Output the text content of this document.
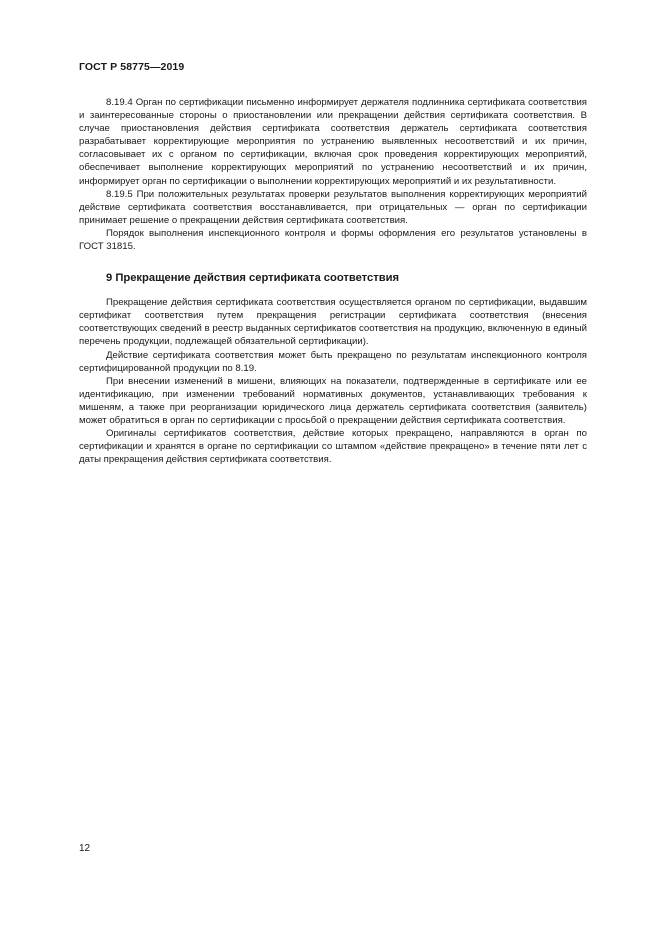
ГОСТ Р 58775—2019

8.19.4 Орган по сертификации письменно информирует держателя подлинника сертификата соответствия и заинтересованные стороны о приостановлении или прекращении действия сертификата соответствия. В случае приостановления действия сертификата соответствия держатель сертификата соответствия разрабатывает корректирующие мероприятия по устранению выявленных несоответствий и их причин, согласовывает их с органом по сертификации, включая срок проведения корректирующих мероприятий, обеспечивает выполнение корректирующих мероприятий по устранению несоответствий и их причин, информирует орган по сертификации о выполнении корректирующих мероприятий и их результативности.

8.19.5 При положительных результатах проверки результатов выполнения корректирующих мероприятий действие сертификата соответствия восстанавливается, при отрицательных — орган по сертификации принимает решение о прекращении действия сертификата соответствия.

Порядок выполнения инспекционного контроля и формы оформления его результатов установлены в ГОСТ 31815.

9 Прекращение действия сертификата соответствия

Прекращение действия сертификата соответствия осуществляется органом по сертификации, выдавшим сертификат соответствия путем прекращения регистрации сертификата соответствия (внесения соответствующих сведений в реестр выданных сертификатов соответствия на продукцию, включенную в единый перечень продукции, подлежащей обязательной сертификации).

Действие сертификата соответствия может быть прекращено по результатам инспекционного контроля сертифицированной продукции по 8.19.

При внесении изменений в мишени, влияющих на показатели, подтвержденные в сертификате или ее идентификацию, при изменении требований нормативных документов, устанавливающих требования к мишеням, а также при реорганизации юридического лица держатель сертификата соответствия (заявитель) может обратиться в орган по сертификации с просьбой о прекращении действия сертификата соответствия.

Оригиналы сертификатов соответствия, действие которых прекращено, направляются в орган по сертификации и хранятся в органе по сертификации со штампом «действие прекращено» в течение пяти лет с даты прекращения действия сертификата соответствия.

12
